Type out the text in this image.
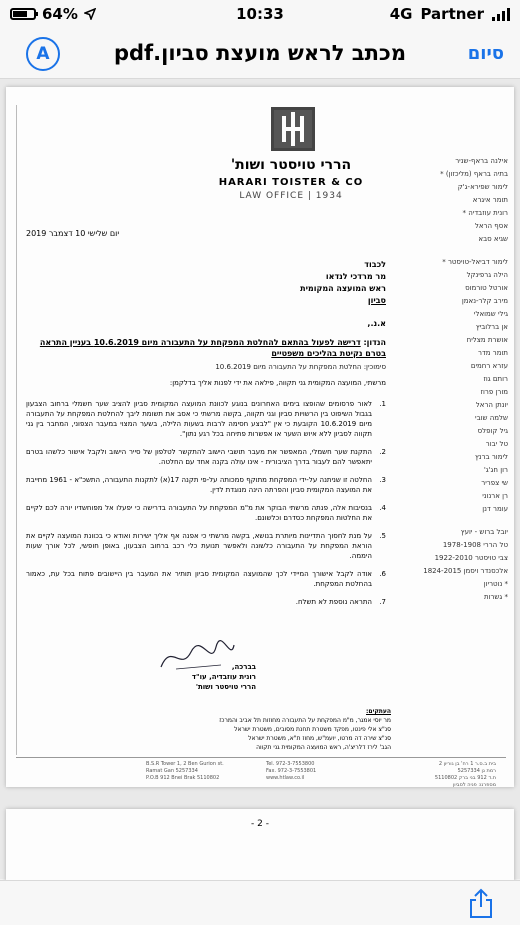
64%	10:33	4G Partner
A	מכתב לראש מועצת סביון.pdf	סיום
הררי טויסטר ושות'
HARARI TOISTER & CO
LAW OFFICE | 1934
אילנה בראף-שניר
בתיה בראף (מליכזון) *
לימור שפירא-ג'ק
תומר איגרא
רונית עוזבדיה *
אסף הראל
שגיא סבא
לימור דביאל-טויסטר *
הילה גרפינקל
אורטל טורמוס
מירב קלר-נאמן
גילי שמואלי
אן ברלוביץ
אושרת מצליח
תומר מדר
עזרא רחמים
רותם גוז
מורן פרוז
יונתן הראל
שלמה שובי
גיל קופלס
טל יבור
לימור ברנץ
רון חג'ג'
שי צפריר
רן ארנוני
עומר דנן
יובל ברוש - יועץ
טל הררי 1978-1908
צבי טויסטר 1922-2010
אלכסנדר ויסמן 1824-2015
* נוטריון
* גשרות
יום שלישי 10 דצמבר 2019
לכבוד
מר מרדכי לנדאו
ראש המועצה המקומית
סביון
א.נ.,
הנדון: דרישה לפעול בהתאם להחלטת המפקחת על התעבורה מיום 10.6.2019 בעניין התראה בטרם נקיטת בהליכים משפטיים
סימוכין: החלטת המפקחת על התעבורה מיום 10.6.2019
מרשתי, המועצה המקומית גני תקווה, פילאה את ידי לפנות אליך בדלקמן:
1.
לאור פרסומים שהופצו בימים האחרונים בנוגע לכוונת המועצה המקומית סביון להציב שער חשמלי ברחוב הצבעון בגבול השיפוט בין הרשויות סביון וגני תקווה, בקשה מרשתי כי אסב את תשומת ליבך להחלטת המפקחת על התעבורה מיום 10.6.2019 הקובעת כי אין "לבצע חסימה לרבות בשעות הלילה, בשער המצוי במעבר הצפוני, המחבר בין גני תקווה לסביון ללא איוש השער או אפשרות פתיחה בכל רגע נתון".
2.
התקנת שער חשמלי, המאפשר את מעבר תושבי הישוב להתקשר לטלפון של סייר הישוב ולקבל אישור כלשהו בטרם יתאפשר להם לעבור בדרך הציבורית - אינו עולה בקנה אחד עם החלטה.
3.
החלטה זו שניתנה על-ידי המפקחת מתוקף סמכותה על-פי תקנה 17(א) לתקנות התעבורה, התשכ"א - 1961 מחייבת את המועצה המקומית סביון והפרתה הינה מנוגדת לדין.
4.
בנסיבות אלה, פנתה מרשתי הבוקר את מ"מ המפקחת על התעבורה בדרישה כי יפעלו אל מפוחשדיו יורה לכם לקיים את החלטות המפקחת כסדרם וכלשונם.
5.
על מנת לחסוך התדיינות מיותרת בנושא, בקשה מרשתי כי אפנה אף אליך ישירות ואודא כי בכוונת המועצה לקיים את הוראת המפקחת על התעבורה כלשונה ולאפשר תנועת כלי רכב ברחוב הצבעון, באופן חופשי, לכל אורך שעות היממה.
6.
אודה לקבל אישורך המיידי לכך שהמועצה המקומית סביון תותיר את המעבר בין היישובים פתוח בכל עת, כאמור בהחלטת המפקחת.
7.
התראה נוספת לא תשלח.
בברכה,
רונית עוזבדיה, עו"ד
הררי טויסטר ושות'
העתקים:
מר יוסי אמגר, מ"מ המפקחת על התעבורה מחוזות תל אביב והמרכז
סנ"צ אלי פינטו, מפקד משטרת תחנת מסובים, משטרת ישראל
סנ"צ שירה דה מרטו, יועמ"ש, מחוז ת"א, משטרת ישראל
הגב' לירז דלריצ'ה, ראש המועצה המקומית גני תקווה
B.S.R Tower 1, 2 Ben Gurion st.
Ramat Gan 5257334
P.O.B 912 Bnei Brak 5110802
Tel. 972-3-7553800
Fax. 972-3-7553801
www.htlaw.co.il
בית ב.ס.ר 1 רח' בן גוריון 2
רמת גן 5257334
ת.ד 912 בני ברק 5110802
מספרנו: פניה לסביון
- 2 -
